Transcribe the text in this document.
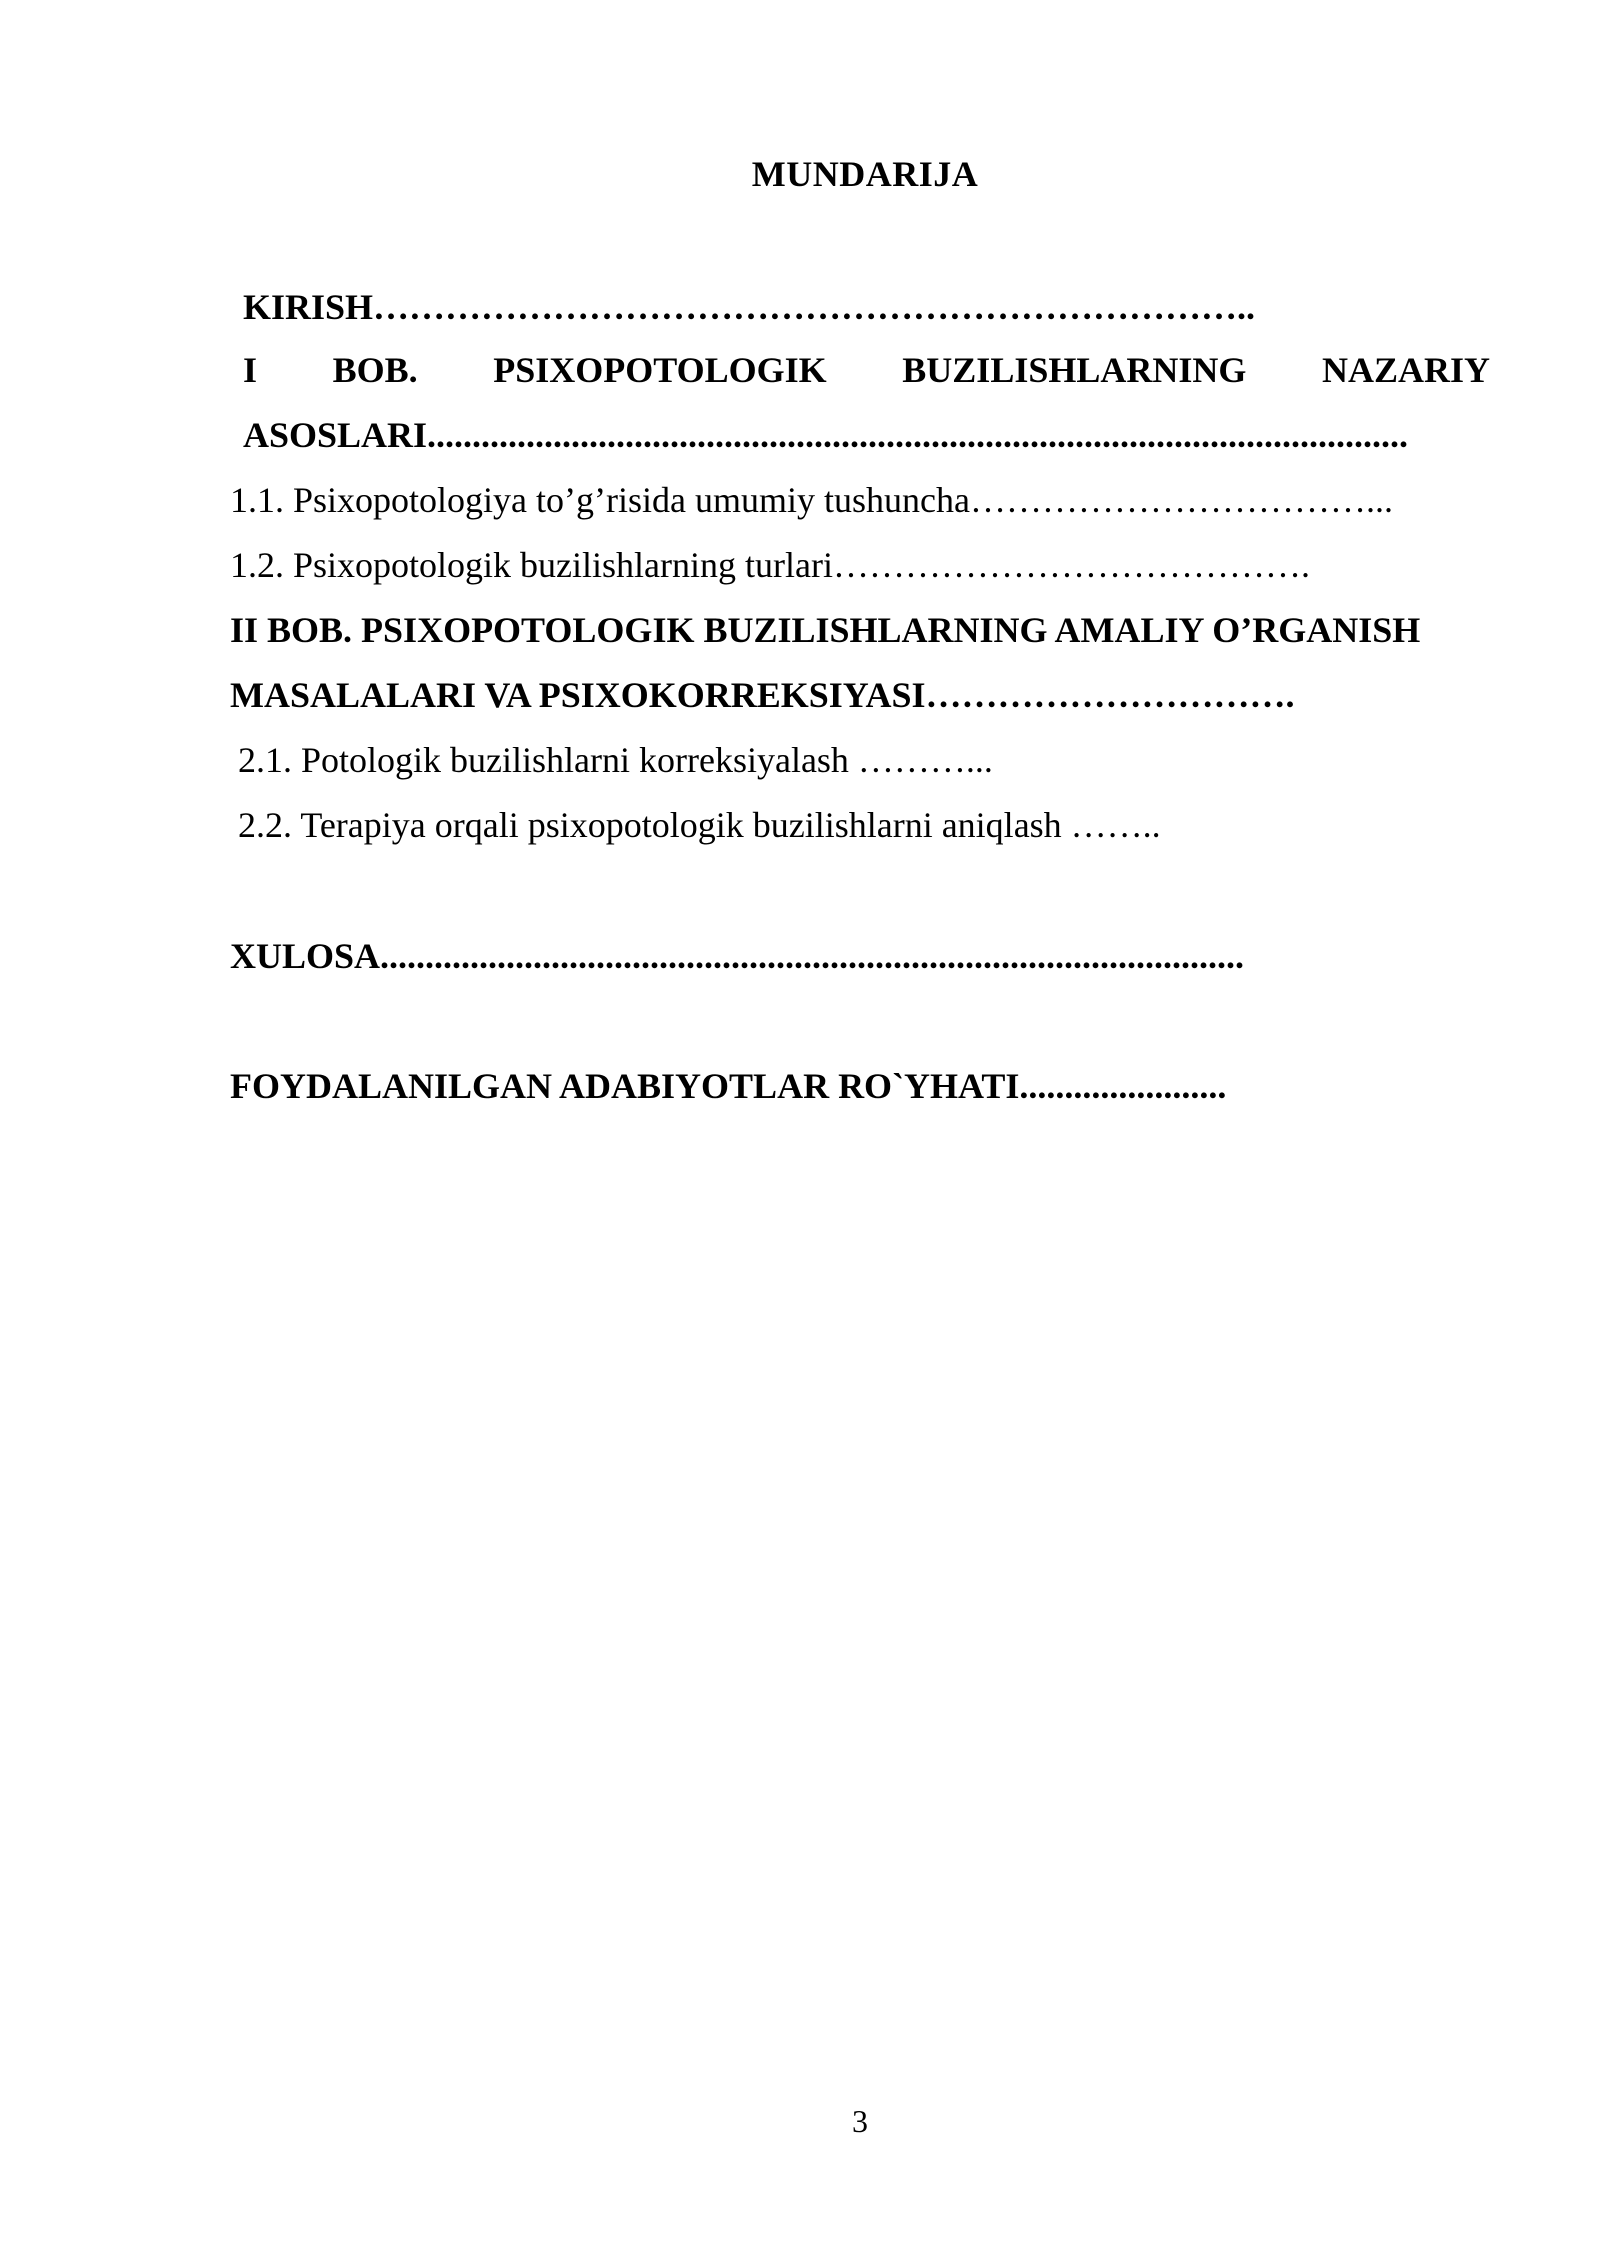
MUNDARIJA
KIRISH………………………………………………………………..
I BOB. PSIXOPOTOLOGIK BUZILISHLARNING NAZARIY
ASOSLARI.............................................................................................................
1.1. Psixopotologiya to’g’risida umumiy tushuncha……………………………...
1.2. Psixopotologik buzilishlarning turlari………………………………….
II BOB. PSIXOPOTOLOGIK BUZILISHLARNING AMALIY O’RGANISH
MASALALARI VA PSIXOKORREKSIYASI………………………….
2.1. Potologik buzilishlarni korreksiyalash ………...
2.2. Terapiya orqali psixopotologik buzilishlarni aniqlash ……..
XULOSA................................................................................................
FOYDALANILGAN ADABIYOTLAR RO`YHATI.......................
3
